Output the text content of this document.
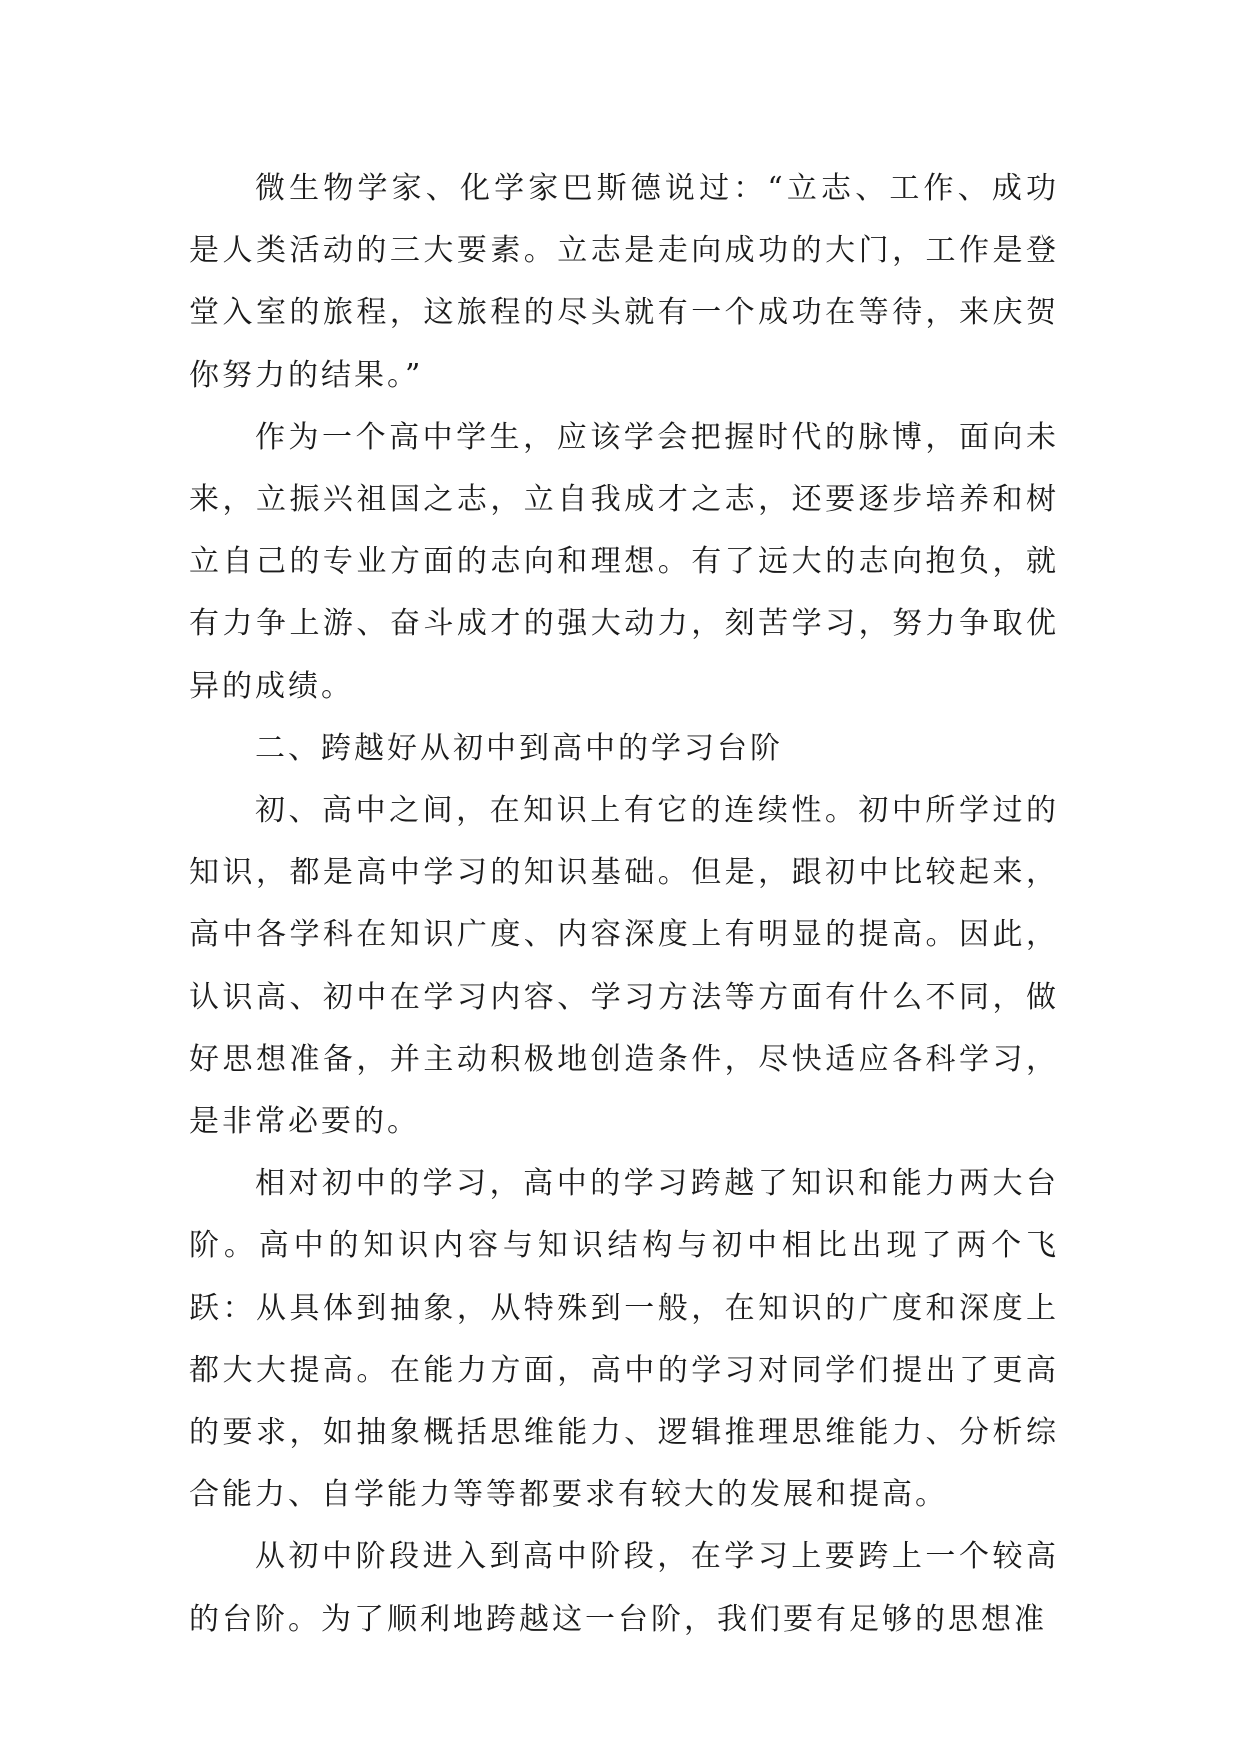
微生物学家、化学家巴斯德说过：“立志、工作、成功是人类活动的三大要素。立志是走向成功的大门，工作是登堂入室的旅程，这旅程的尽头就有一个成功在等待，来庆贺你努力的结果。”

作为一个高中学生，应该学会把握时代的脉博，面向未来，立振兴祖国之志，立自我成才之志，还要逐步培养和树立自己的专业方面的志向和理想。有了远大的志向抱负，就有力争上游、奋斗成才的强大动力，刻苦学习，努力争取优异的成绩。

二、跨越好从初中到高中的学习台阶

初、高中之间，在知识上有它的连续性。初中所学过的知识，都是高中学习的知识基础。但是，跟初中比较起来，高中各学科在知识广度、内容深度上有明显的提高。因此，认识高、初中在学习内容、学习方法等方面有什么不同，做好思想准备，并主动积极地创造条件，尽快适应各科学习，是非常必要的。

相对初中的学习，高中的学习跨越了知识和能力两大台阶。高中的知识内容与知识结构与初中相比出现了两个飞跃：从具体到抽象，从特殊到一般，在知识的广度和深度上都大大提高。在能力方面，高中的学习对同学们提出了更高的要求，如抽象概括思维能力、逻辑推理思维能力、分析综合能力、自学能力等等都要求有较大的发展和提高。

从初中阶段进入到高中阶段，在学习上要跨上一个较高的台阶。为了顺利地跨越这一台阶，我们要有足够的思想准
